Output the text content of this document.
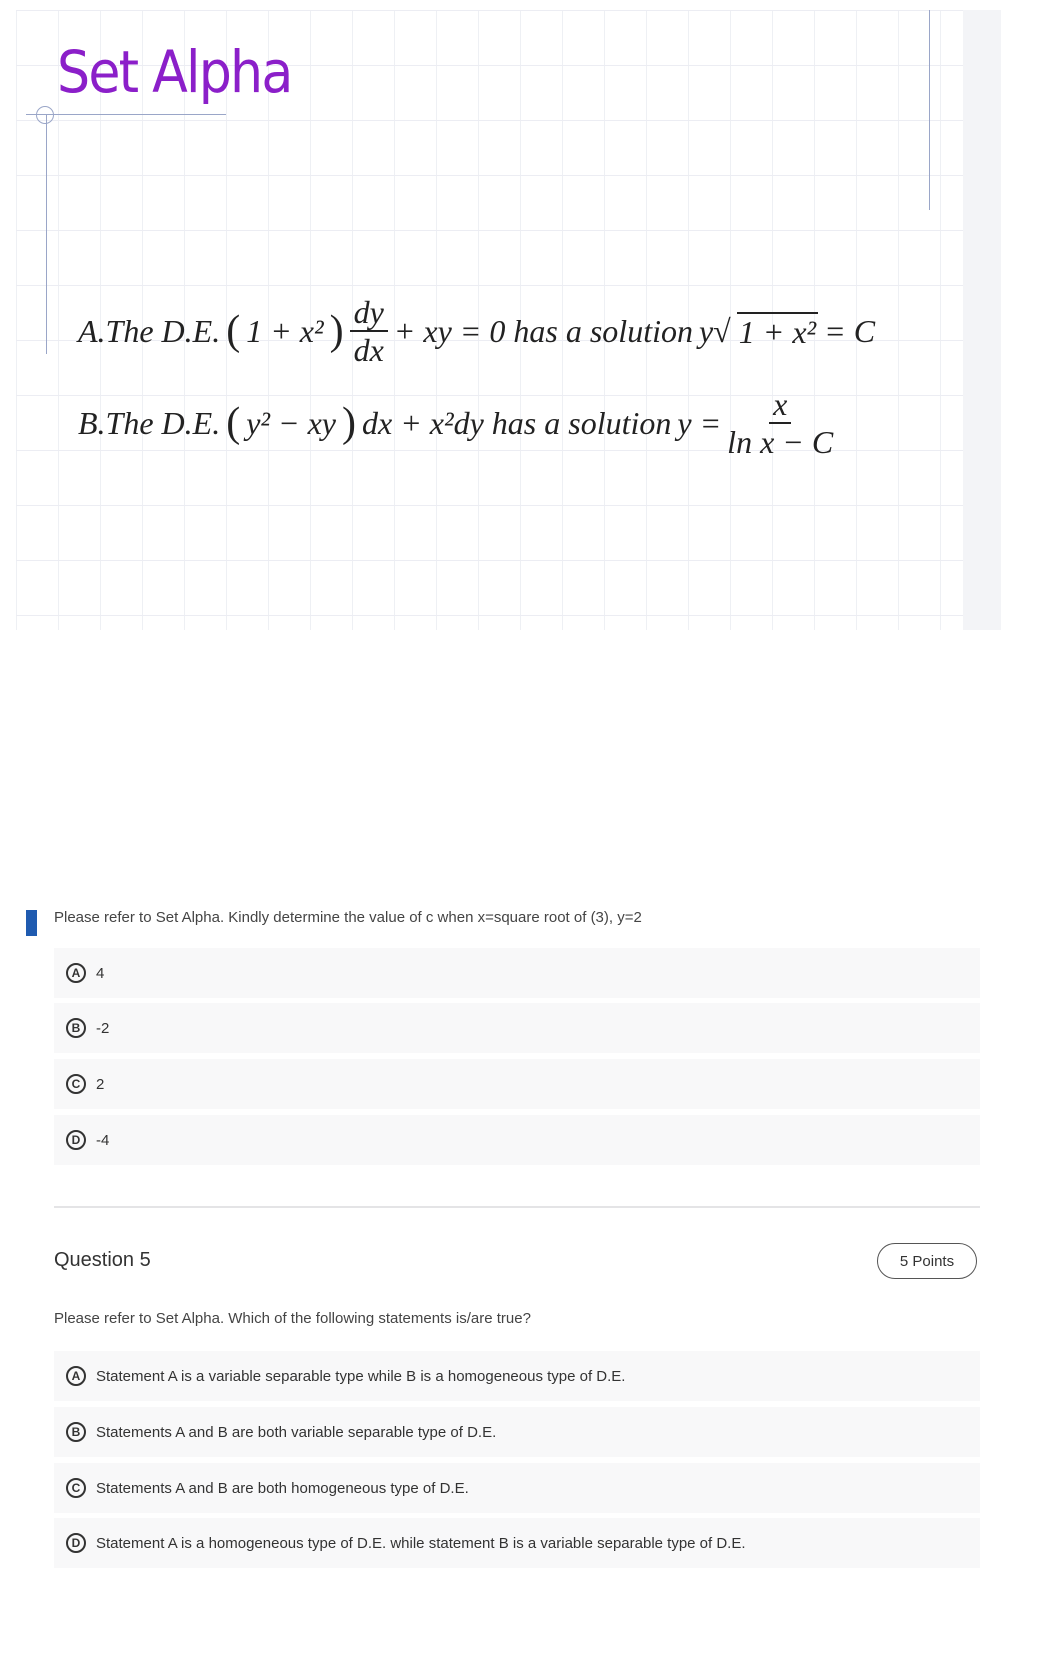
Set Alpha
A.The D.E. ( 1 + x² ) $\frac{dy}{dx}$ + xy = 0 has a solution y√ 1 + x² = C
B.The D.E. ( y² − xy ) dx + x²dy has a solution $y = \frac{x}{\text{ln x − C}}$
Please refer to Set Alpha. Kindly determine the value of c when x=square root of (3), y=2
A	4
B	-2
C	2
D	-4
Question 5	5 Points
Please refer to Set Alpha. Which of the following statements is/are true?
A	Statement A is a variable separable type while B is a homogeneous type of D.E.
B	Statements A and B are both variable separable type of D.E.
C	Statements A and B are both homogeneous type of D.E.
D	Statement A is a homogeneous type of D.E. while statement B is a variable separable type of D.E.
